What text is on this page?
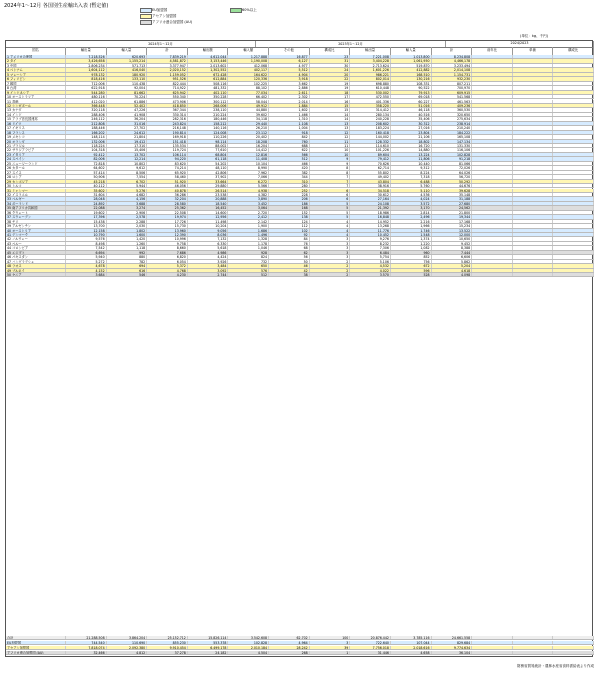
2024年1〜12月 各国別生産輸出入表 (暫定値)
EU加盟国
アセアン加盟国
アフリカ連合加盟国 (AU)
60%以上
(単位：kg、千円)
2024年1〜12月	2023年1〜12月	2024/2023
国名	輸出量	輸入量	計	輸出額	輸入額	その他	構成比	輸出量	輸入量	計	前年比	単価	構成比
1 アメリカ合衆国	7,218,526	620,693	7,839,219	4,612,044	1,217,888	16,877	23	7,221,008	1,013,800	8,234,808
2 タイ	3,426,658	1,155,214	4,581,872	3,153,446	1,190,008	6,127	31	3,404,228	1,061,950	4,466,178
3 中国	2,806,234	571,713	3,377,947	2,013,602	412,068	4,977	30	2,713,624	519,870	3,233,494
4 ベトナム	1,604,112	416,040	2,020,152	1,302,552	402,117	5,512	24	1,601,226	412,882	2,014,108
5 マレーシア	978,132	180,920	1,159,052	672,428	164,622	4,904	20	986,221	168,510	1,154,731
6 フィリピン	818,416	133,110	951,526	612,884	120,336	3,918	22	802,014	130,216	932,230
7 韓国	712,006	110,438	822,444	508,116	102,225	3,662	19	698,880	108,331	807,211
8 台湾	622,918	92,004	714,922	481,332	88,102	2,886	19	610,448	90,522	700,970
9 インドネシア	544,280	81,662	625,942	402,110	77,034	2,611	18	530,002	79,913	609,915
10 オーストラリア	480,116	70,224	550,340	350,228	66,402	2,302	17	472,550	69,018	541,568
11 香港	412,020	61,886	473,906	300,112	58,044	2,014	16	401,336	60,227	461,563
12 シンガポール	366,448	52,402	418,850	268,006	49,912	1,884	15	358,220	51,016	409,236
13 カナダ	320,118	47,226	367,344	238,110	44,880	1,602	15	314,412	46,118	360,530
14 インド	288,406	41,908	330,314	210,224	39,602	1,466	14	280,134	40,516	320,650
15 アラブ首長国連邦	246,112	36,204	282,316	180,446	34,118	1,310	14	240,228	35,406	275,634
16 ドイツ	212,808	31,016	243,824	158,212	29,440	1,108	13	208,602	30,312	238,914
17 イギリス	188,446	27,702	216,148	140,116	26,210	1,004	13	183,224	27,016	210,240
18 フランス	166,202	24,612	190,814	124,008	23,112	918	12	160,418	23,804	184,222
19 メキシコ	148,114	21,804	169,918	110,226	20,402	842	12	144,002	21,106	165,108
20 オランダ	132,006	19,412	151,418	98,114	18,208	760	11	128,332	18,802	147,134
21 ブラジル	118,224	17,310	135,534	88,002	16,204	688	11	114,610	16,720	131,330
22 サウジアラビア	104,318	15,406	119,724	77,610	14,412	622	10	101,226	14,880	116,106
23 イタリア	92,412	13,702	106,114	68,804	12,816	566	10	89,604	13,224	102,828
24 スペイン	82,006	12,214	94,220	61,118	11,408	512	9	79,412	11,806	91,218
25 ニュージーランド	72,818	10,802	83,620	54,202	10,104	466	9	70,626	10,440	81,066
26 カタール	64,602	9,612	74,214	48,110	8,990	420	8	62,714	9,312	72,026
27 スイス	57,414	8,506	65,920	42,806	7,962	382	8	55,802	8,224	64,026
28 ロシア	50,906	7,554	58,460	37,902	7,066	344	7	49,402	7,318	56,720
29 カンボジア	45,218	6,702	51,920	33,664	6,272	310	7	43,804	6,488	50,292
30 トルコ	40,112	5,944	46,056	29,880	5,566	280	7	38,916	5,760	44,676
31 ミャンマー	35,602	5,276	40,878	26,514	4,938	252	6	34,518	5,110	39,628
32 イスラエル	31,604	4,682	36,286	23,538	4,382	228	6	30,612	4,536	35,148
33 ベルギー	28,048	4,156	32,204	20,888	3,890	206	6	27,164	4,024	31,188
34 ポーランド	24,892	3,688	28,580	18,540	3,452	186	5	24,108	3,572	27,680
35 南アフリカ共和国	22,088	3,274	25,362	16,452	3,064	168	5	21,392	3,170	24,562
36 クウェート	19,602	2,906	22,508	14,600	2,720	152	5	18,986	2,814	21,800
37 スウェーデン	17,396	2,578	19,974	12,956	2,412	138	5	16,848	2,496	19,344
38 チリ	15,438	2,288	17,726	11,498	2,142	124	4	14,952	2,216	17,168
39 アルゼンチン	13,700	2,030	15,730	10,204	1,900	112	4	13,268	1,966	15,234
40 オーストリア	12,158	1,802	13,960	9,056	1,686	102	4	11,776	1,746	13,522
41 デンマーク	10,790	1,600	12,390	8,036	1,496	92	4	10,452	1,548	12,000
42 ノルウェー	9,576	1,420	10,996	7,132	1,328	84	3	9,276	1,374	10,650
43 ペルー	8,498	1,260	9,758	6,330	1,178	76	3	8,232	1,220	9,452
44 コロンビア	7,542	1,118	8,660	5,618	1,046	68	3	7,306	1,082	8,388
45 エジプト	6,694	992	7,686	4,986	928	62	3	6,484	960	7,444
46 パキスタン	5,940	880	6,820	4,424	824	56	3	5,754	852	6,606
47 バングラデシュ	5,272	782	6,054	3,926	732	50	2	5,106	756	5,862
48 ラオス	4,678	694	5,372	3,484	650	46	2	4,532	672	5,204
49 ブルネイ	4,152	616	4,768	3,092	576	42	2	4,022	596	4,618
50 ケニア	3,684	546	4,230	2,744	512	38	2	3,570	528	4,098
合計	21,288,508	3,864,204	25,152,712	15,826,114	3,542,608	62,702	100	20,876,442	3,785,116	24,661,558
EU加盟国	744,540	110,690	855,230	553,378	102,828	4,964	3	722,640	107,044	829,684
アセアン加盟国	7,818,074	2,092,380	9,910,454	6,499,178	2,010,184	28,242	39	7,756,018	2,018,616	9,774,634
アフリカ連合加盟国 (AU)	32,466	4,812	37,278	24,182	4,504	268	1	31,446	4,658	36,104
財務省貿易統計・農林水産省食料需給表より作成
